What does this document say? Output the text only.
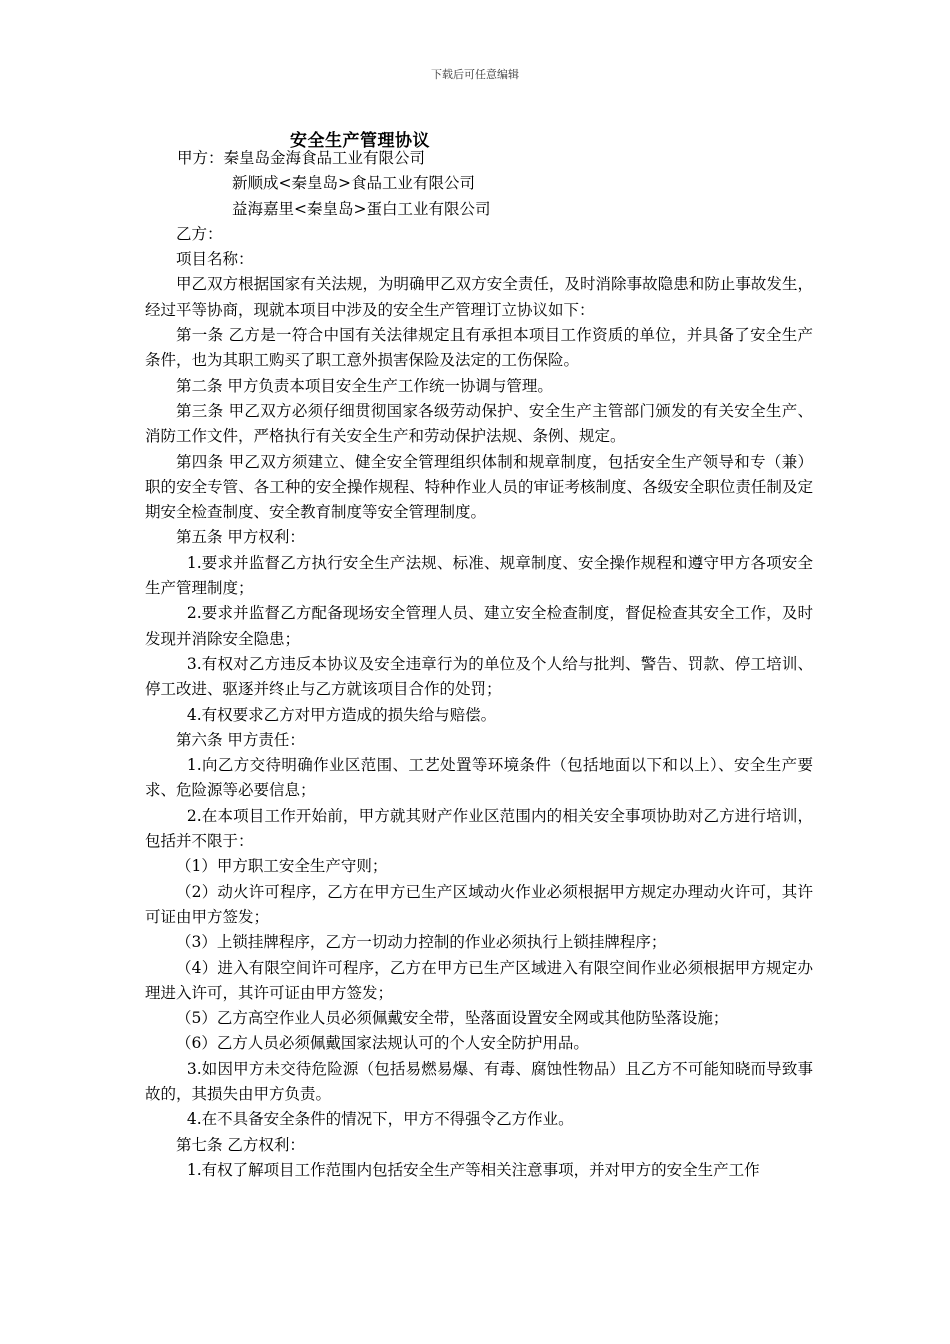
下载后可任意编辑
安全生产管理协议

甲方：秦皇岛金海食品工业有限公司

新顺成<秦皇岛>食品工业有限公司

益海嘉里<秦皇岛>蛋白工业有限公司

乙方：

项目名称：

甲乙双方根据国家有关法规，为明确甲乙双方安全责任，及时消除事故隐患和防止事故发生，经过平等协商，现就本项目中涉及的安全生产管理订立协议如下：

第一条 乙方是一符合中国有关法律规定且有承担本项目工作资质的单位，并具备了安全生产条件，也为其职工购买了职工意外损害保险及法定的工伤保险。

第二条 甲方负责本项目安全生产工作统一协调与管理。

第三条 甲乙双方必须仔细贯彻国家各级劳动保护、安全生产主管部门颁发的有关安全生产、消防工作文件，严格执行有关安全生产和劳动保护法规、条例、规定。

第四条 甲乙双方须建立、健全安全管理组织体制和规章制度，包括安全生产领导和专（兼）职的安全专管、各工种的安全操作规程、特种作业人员的审证考核制度、各级安全职位责任制及定期安全检查制度、安全教育制度等安全管理制度。

第五条 甲方权利：

1.要求并监督乙方执行安全生产法规、标准、规章制度、安全操作规程和遵守甲方各项安全生产管理制度；

2.要求并监督乙方配备现场安全管理人员、建立安全检查制度，督促检查其安全工作，及时发现并消除安全隐患；

3.有权对乙方违反本协议及安全违章行为的单位及个人给与批判、警告、罚款、停工培训、停工改进、驱逐并终止与乙方就该项目合作的处罚；

4.有权要求乙方对甲方造成的损失给与赔偿。

第六条 甲方责任：

1.向乙方交待明确作业区范围、工艺处置等环境条件（包括地面以下和以上）、安全生产要求、危险源等必要信息；

2.在本项目工作开始前，甲方就其财产作业区范围内的相关安全事项协助对乙方进行培训，包括并不限于：

（1）甲方职工安全生产守则；

（2）动火许可程序，乙方在甲方已生产区域动火作业必须根据甲方规定办理动火许可，其许可证由甲方签发；

（3）上锁挂牌程序，乙方一切动力控制的作业必须执行上锁挂牌程序；

（4）进入有限空间许可程序，乙方在甲方已生产区域进入有限空间作业必须根据甲方规定办理进入许可，其许可证由甲方签发；

（5）乙方高空作业人员必须佩戴安全带，坠落面设置安全网或其他防坠落设施；

（6）乙方人员必须佩戴国家法规认可的个人安全防护用品。

3.如因甲方未交待危险源（包括易燃易爆、有毒、腐蚀性物品）且乙方不可能知晓而导致事故的，其损失由甲方负责。

4.在不具备安全条件的情况下，甲方不得强令乙方作业。

第七条 乙方权利：

1.有权了解项目工作范围内包括安全生产等相关注意事项，并对甲方的安全生产工作
